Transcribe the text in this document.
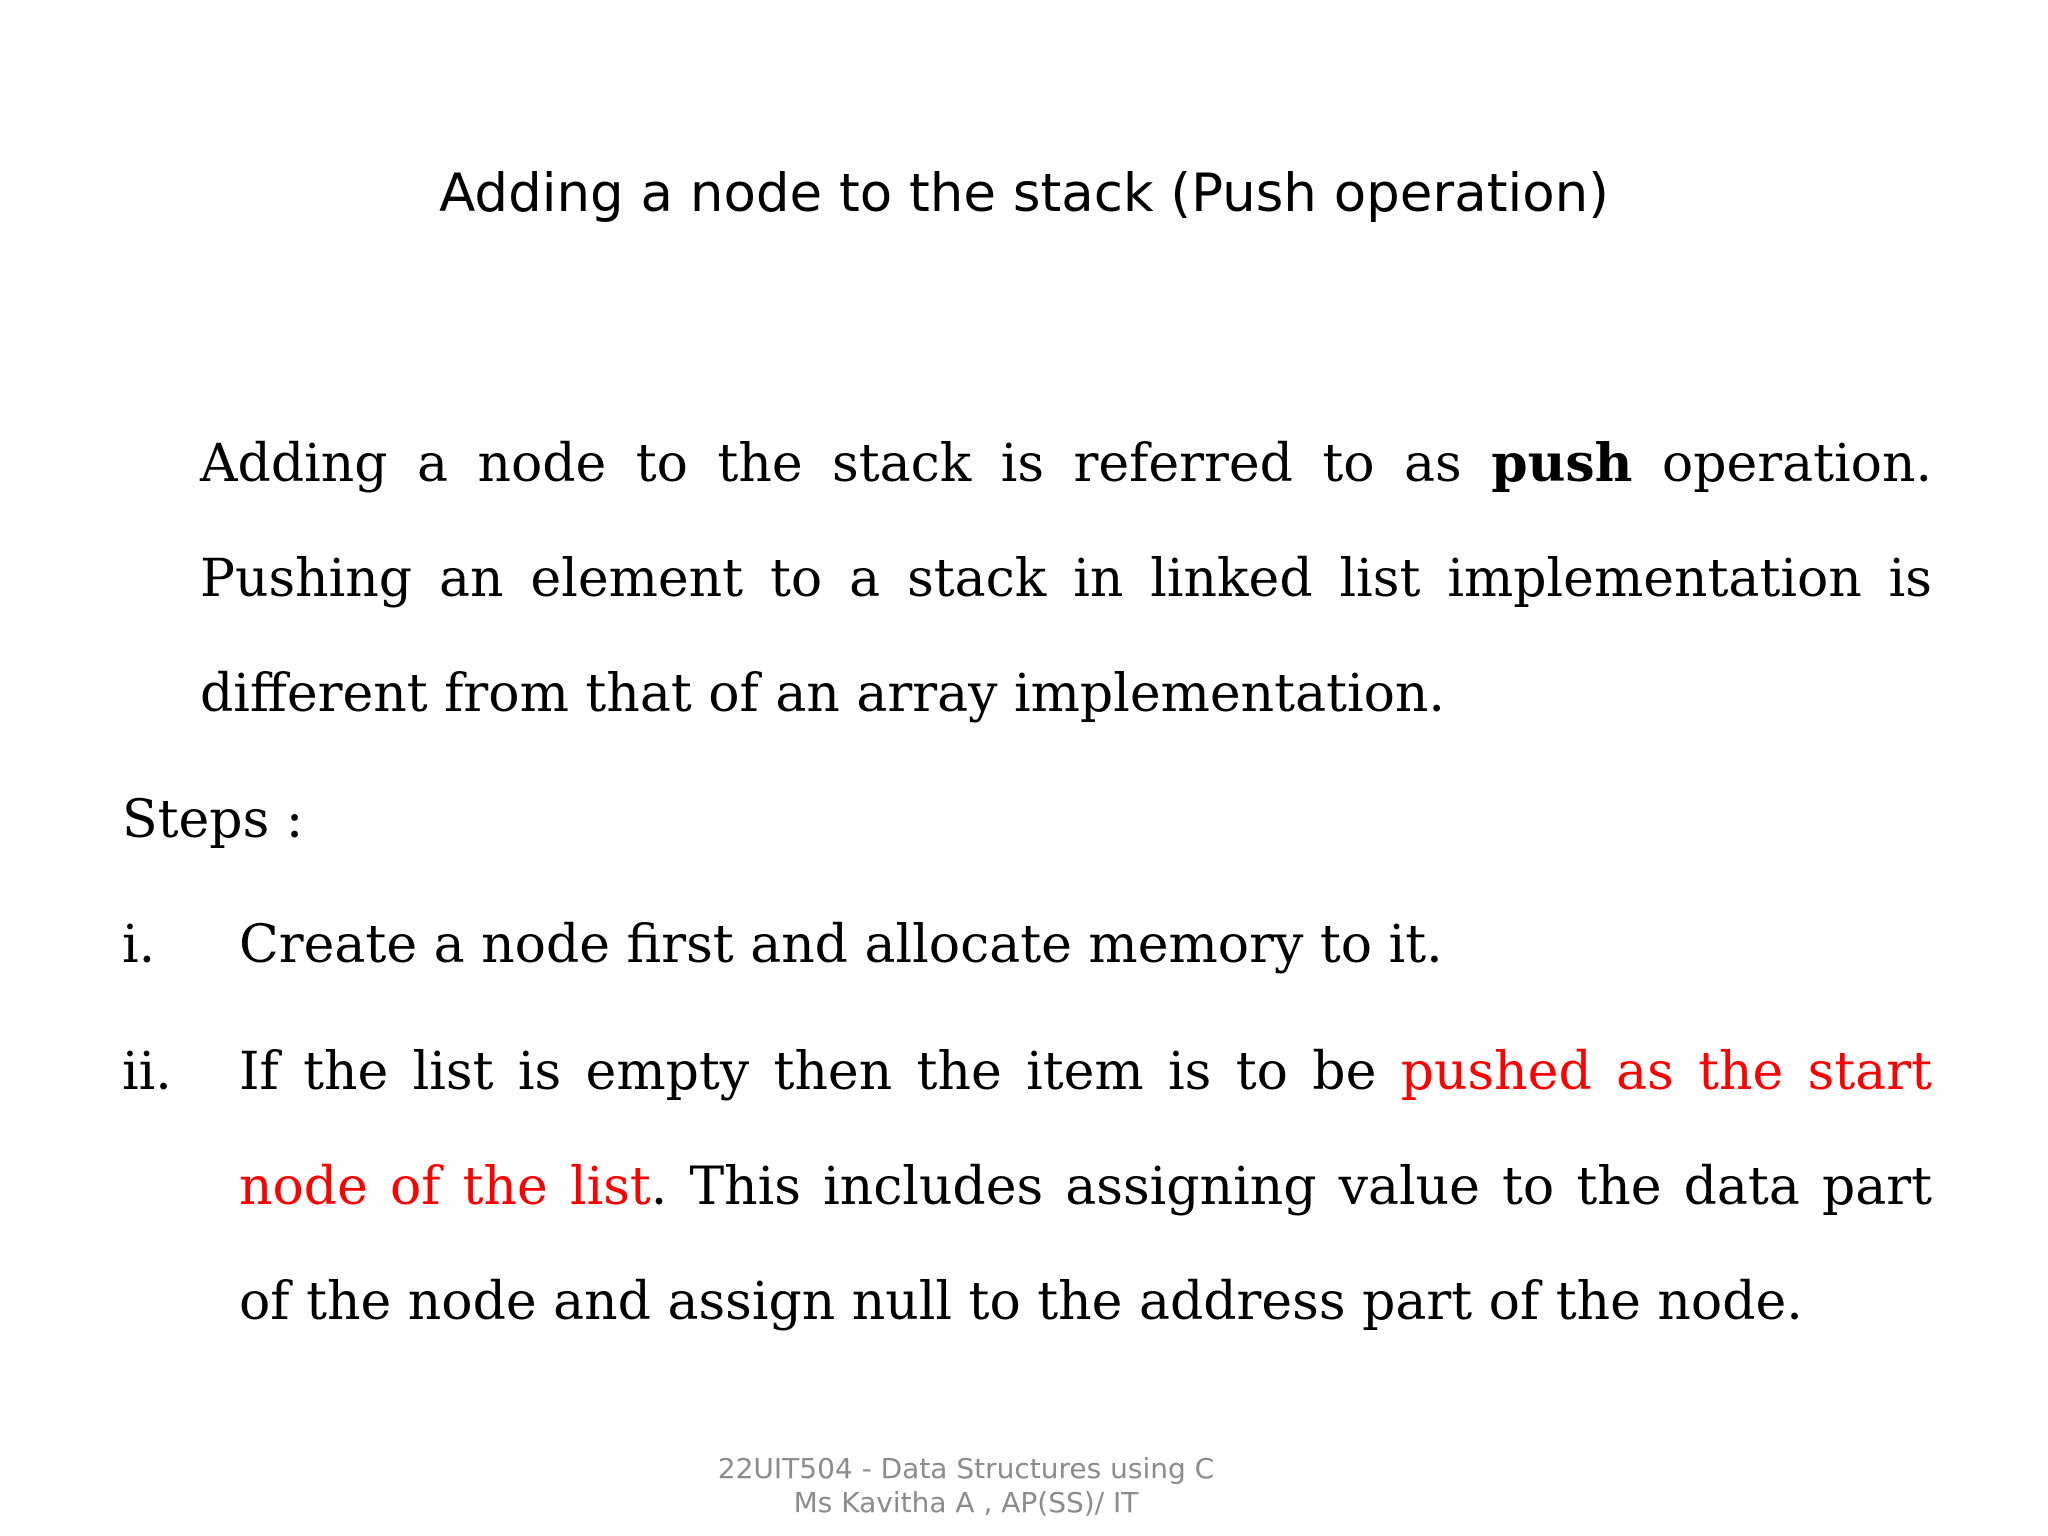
Adding a node to the stack (Push operation)

Adding a node to the stack is referred to as push operation. Pushing an element to a stack in linked list implementation is different from that of an array implementation.

Steps :
i.	Create a node first and allocate memory to it.
ii.	If the list is empty then the item is to be pushed as the start node of the list. This includes assigning value to the data part of the node and assign null to the address part of the node.
22UIT504 - Data Structures using C
Ms Kavitha A , AP(SS)/ IT
